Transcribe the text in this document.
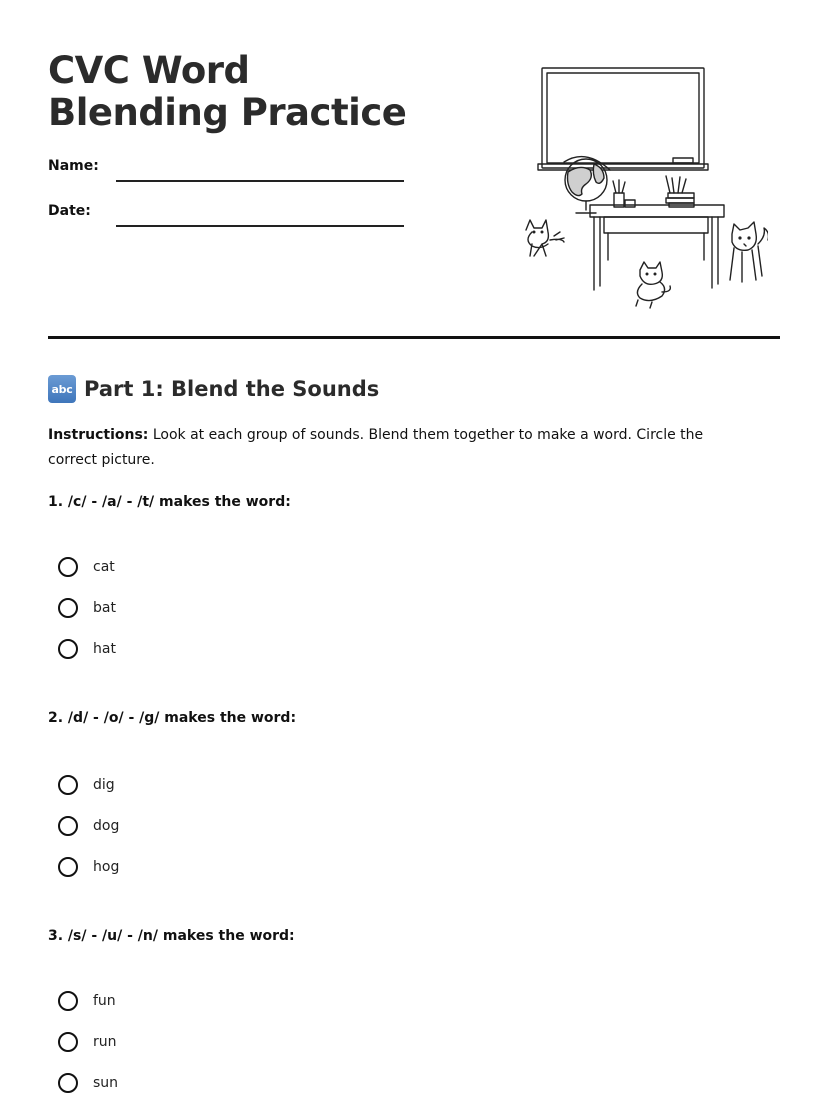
CVC Word Blending Practice
Name:
Date:
abc Part 1: Blend the Sounds

Instructions: Look at each group of sounds. Blend them together to make a word. Circle the correct picture.

1. /c/ - /a/ - /t/ makes the word:

cat
bat
hat

2. /d/ - /o/ - /g/ makes the word:

dig
dog
hog

3. /s/ - /u/ - /n/ makes the word:

fun
run
sun
